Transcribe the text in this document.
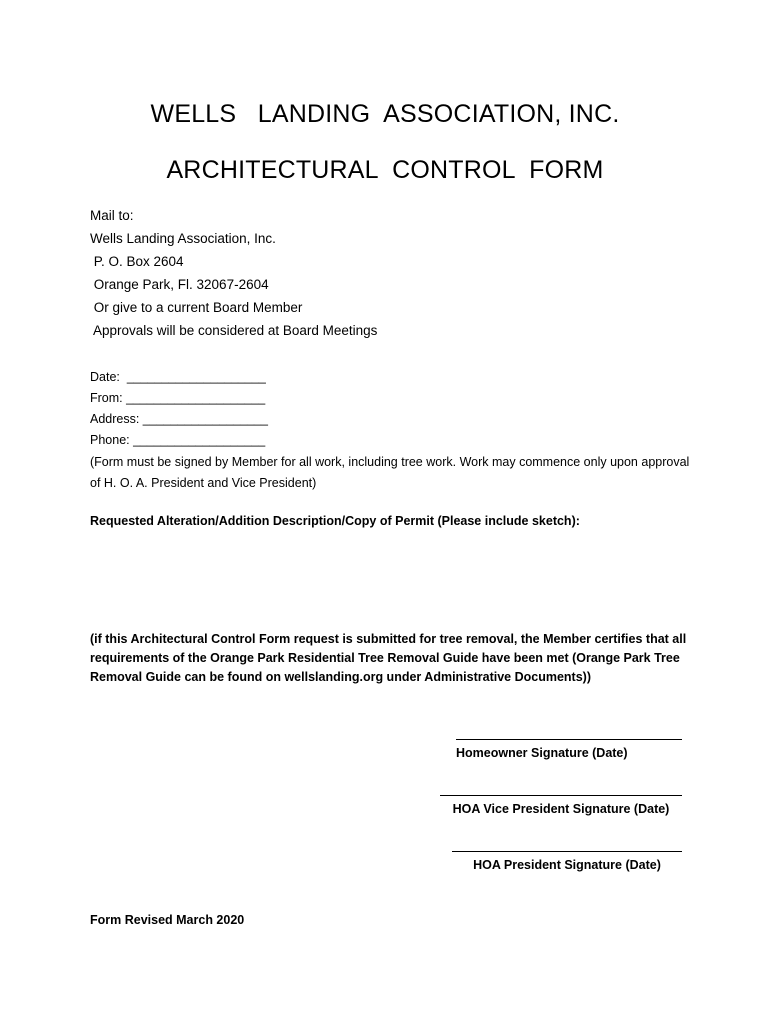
WELLS   LANDING  ASSOCIATION, INC.
ARCHITECTURAL  CONTROL  FORM
Mail to:
Wells Landing Association, Inc.
P. O. Box 2604
Orange Park, Fl. 32067-2604
Or give to a current Board Member
Approvals will be considered at Board Meetings
Date:  ____________________
From: ____________________
Address: __________________
Phone: ___________________
(Form must be signed by Member for all work, including tree work. Work may commence only upon approval of H. O. A. President and Vice President)
Requested Alteration/Addition Description/Copy of Permit (Please include sketch):
(if this Architectural Control Form request is submitted for tree removal, the Member certifies that all requirements of the Orange Park Residential Tree Removal Guide have been met (Orange Park Tree Removal Guide can be found on wellslanding.org under Administrative Documents))
Homeowner Signature (Date)
HOA Vice President Signature (Date)
HOA President Signature (Date)
Form Revised March 2020
